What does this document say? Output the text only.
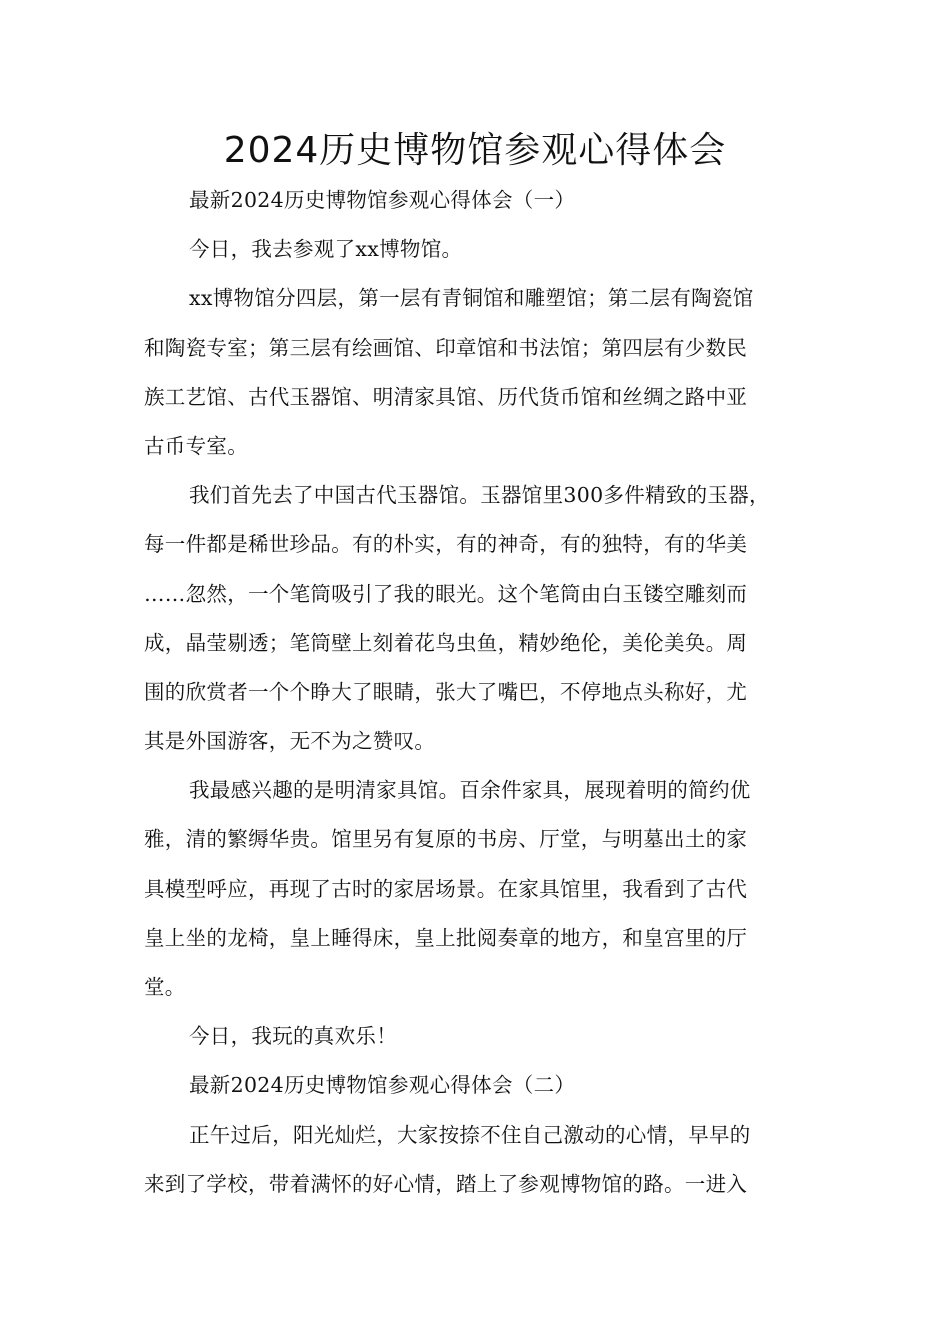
2024历史博物馆参观心得体会
最新2024历史博物馆参观心得体会（一）
今日，我去参观了xx博物馆。
xx博物馆分四层，第一层有青铜馆和雕塑馆；第二层有陶瓷馆
和陶瓷专室；第三层有绘画馆、印章馆和书法馆；第四层有少数民
族工艺馆、古代玉器馆、明清家具馆、历代货币馆和丝绸之路中亚
古币专室。
我们首先去了中国古代玉器馆。玉器馆里300多件精致的玉器，
每一件都是稀世珍品。有的朴实，有的神奇，有的独特，有的华美
……忽然，一个笔筒吸引了我的眼光。这个笔筒由白玉镂空雕刻而
成，晶莹剔透；笔筒壁上刻着花鸟虫鱼，精妙绝伦，美伦美奂。周
围的欣赏者一个个睁大了眼睛，张大了嘴巴，不停地点头称好，尤
其是外国游客，无不为之赞叹。
我最感兴趣的是明清家具馆。百余件家具，展现着明的简约优
雅，清的繁缛华贵。馆里另有复原的书房、厅堂，与明墓出土的家
具模型呼应，再现了古时的家居场景。在家具馆里，我看到了古代
皇上坐的龙椅，皇上睡得床，皇上批阅奏章的地方，和皇宫里的厅
堂。
今日，我玩的真欢乐！
最新2024历史博物馆参观心得体会（二）
正午过后，阳光灿烂，大家按捺不住自己激动的心情，早早的
来到了学校，带着满怀的好心情，踏上了参观博物馆的路。一进入
